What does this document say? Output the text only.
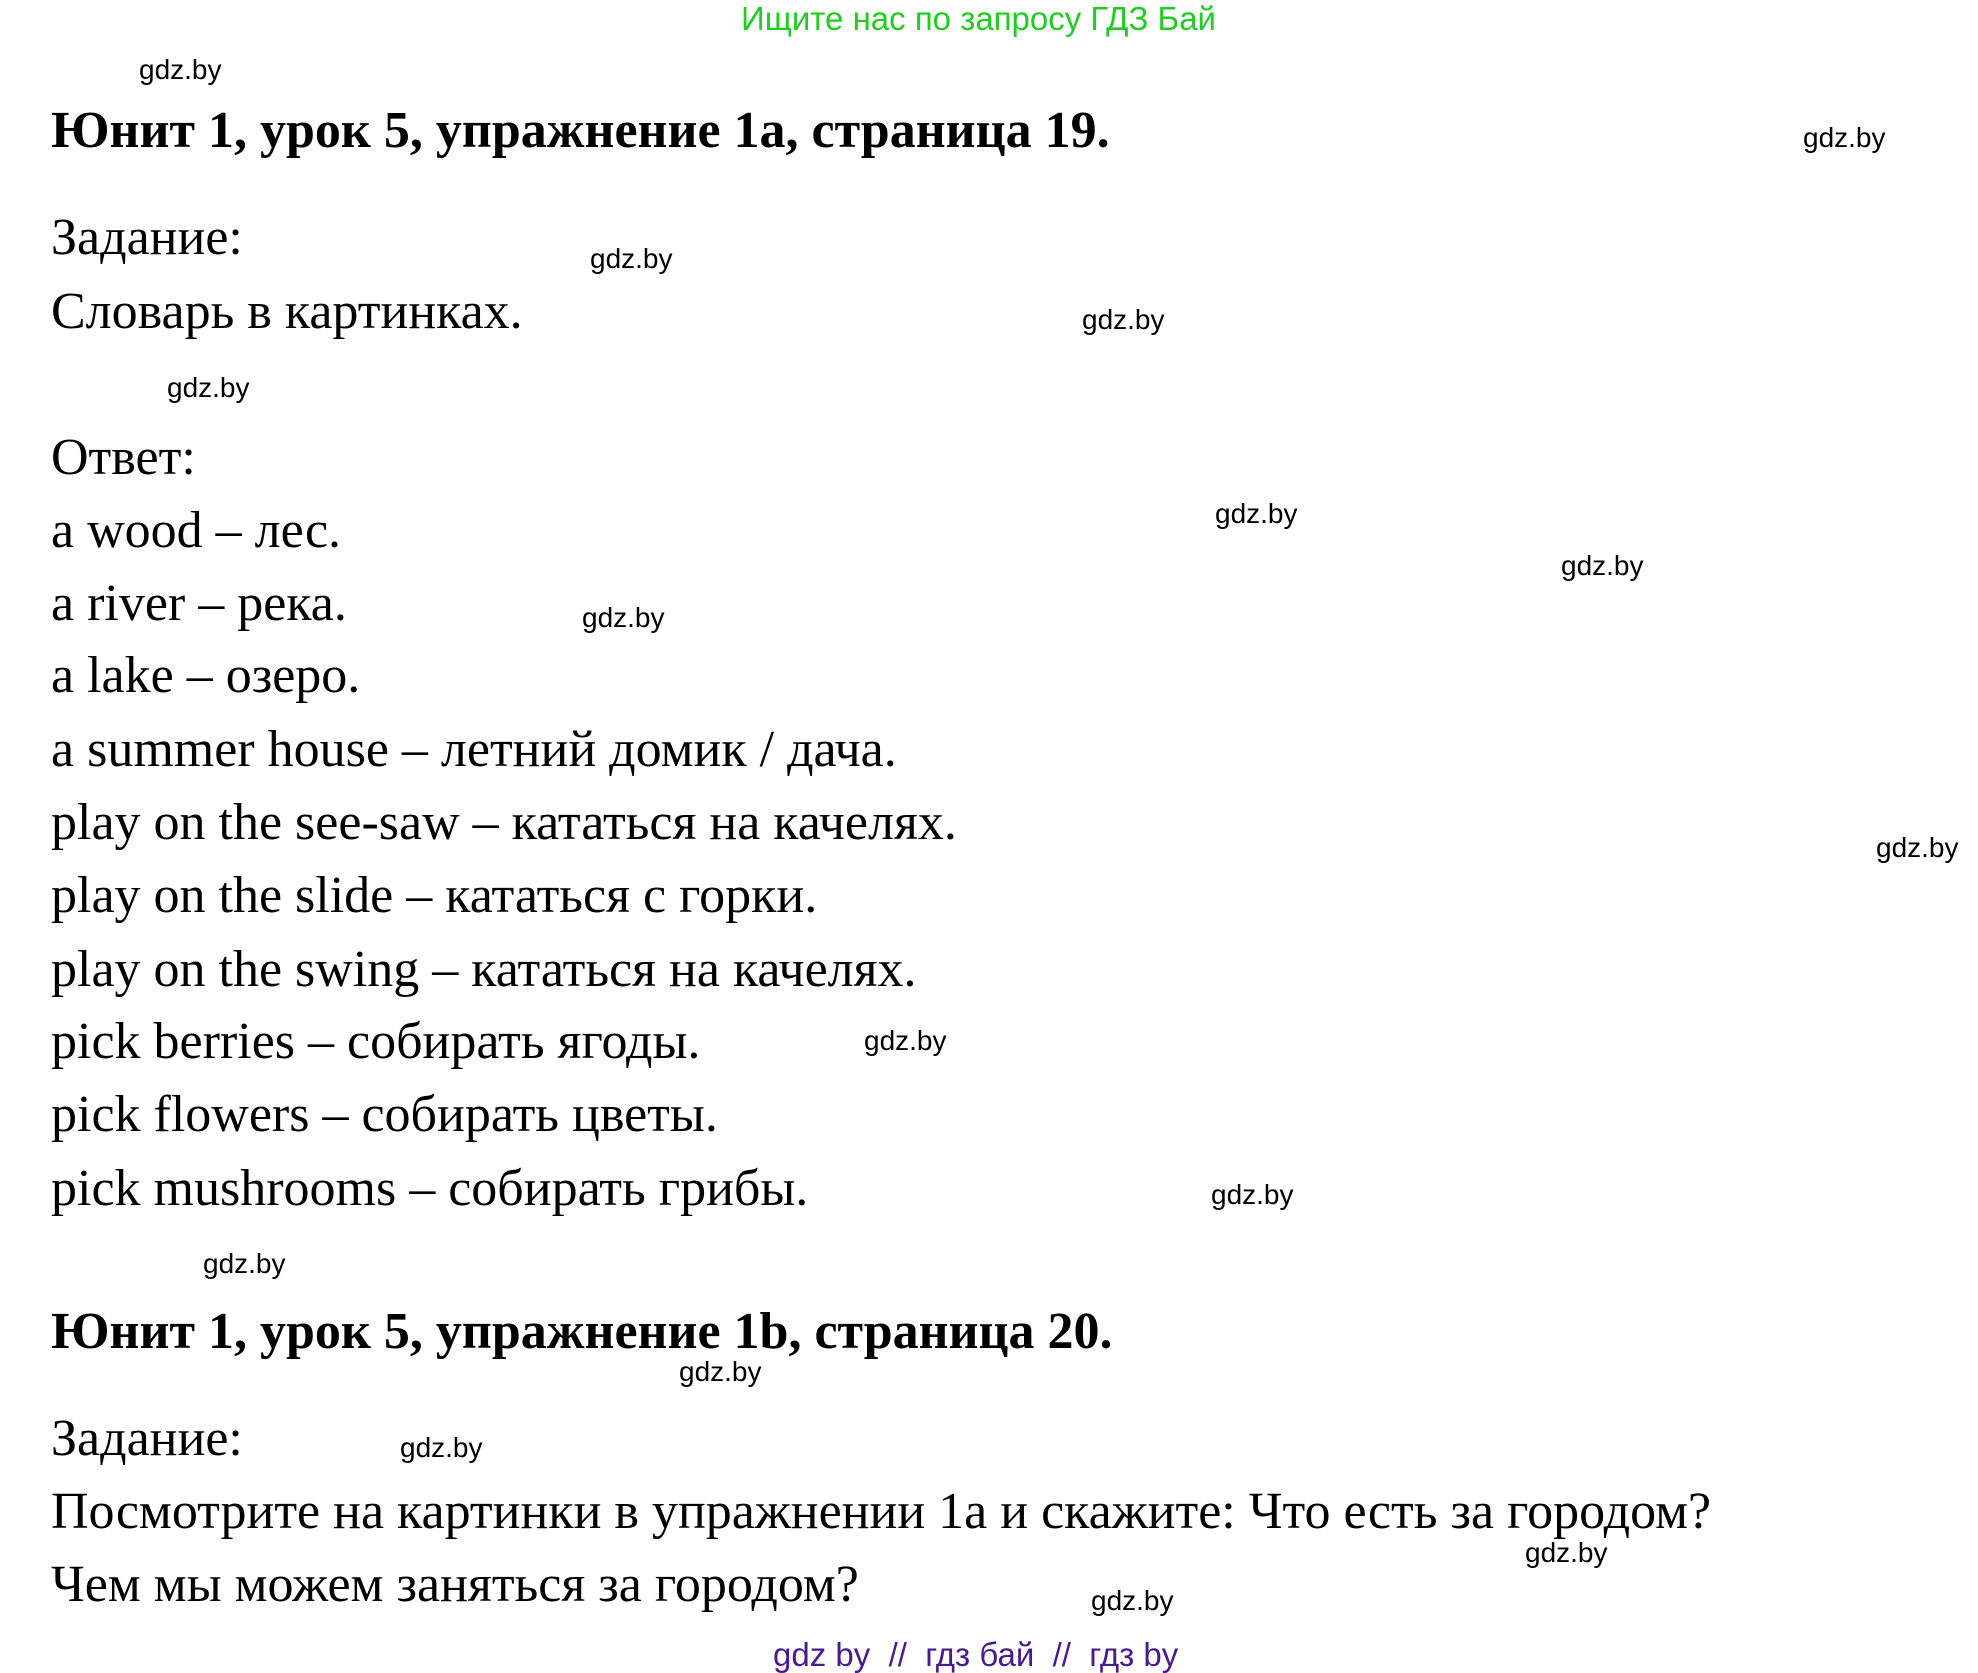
Ищите нас по запросу ГДЗ Бай
Юнит 1, урок 5, упражнение 1a, страница 19.
Задание:
Словарь в картинках.
Ответ:
a wood – лес.
a river – река.
a lake – озеро.
a summer house – летний домик / дача.
play on the see-saw – кататься на качелях.
play on the slide – кататься с горки.
play on the swing – кататься на качелях.
pick berries – собирать ягоды.
pick flowers – собирать цветы.
pick mushrooms – собирать грибы.
Юнит 1, урок 5, упражнение 1b, страница 20.
Задание:
Посмотрите на картинки в упражнении 1a и скажите: Что есть за городом?
Чем мы можем заняться за городом?
gdz.by
gdz.by
gdz.by
gdz.by
gdz.by
gdz.by
gdz.by
gdz.by
gdz.by
gdz.by
gdz.by
gdz.by
gdz.by
gdz.by
gdz.by
gdz.by
gdz by  //  гдз бай  //  гдз by
